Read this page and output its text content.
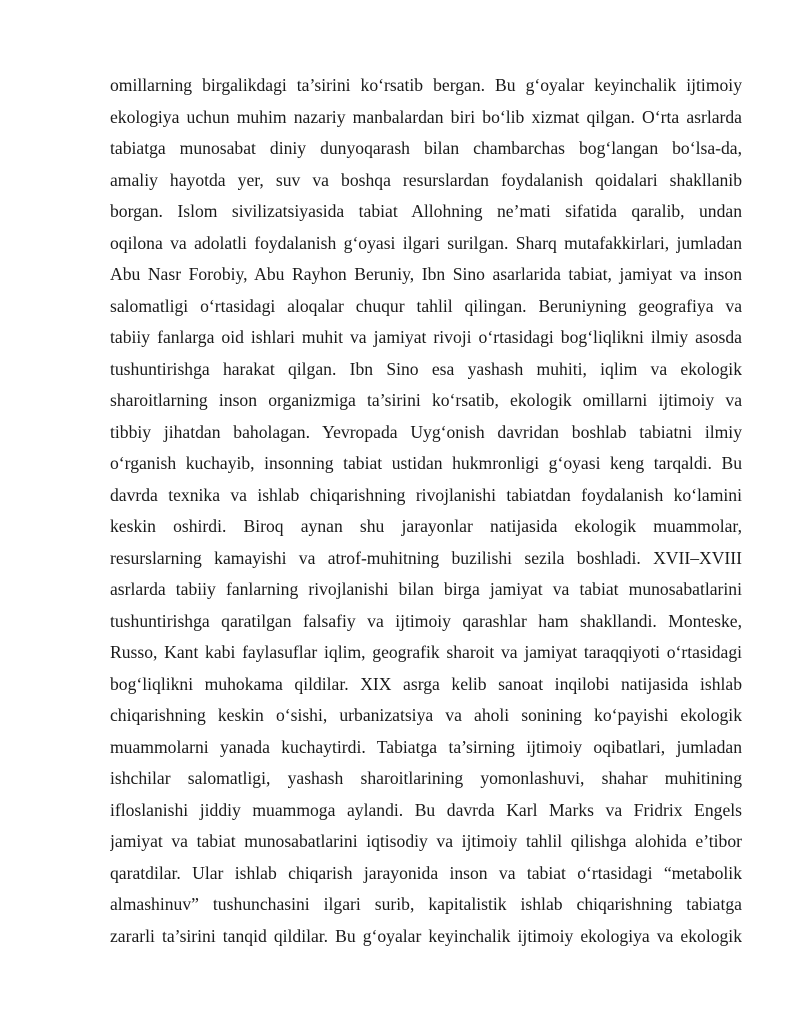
omillarning birgalikdagi ta’sirini ko‘rsatib bergan. Bu g‘oyalar keyinchalik ijtimoiy
ekologiya uchun muhim nazariy manbalardan biri bo‘lib xizmat qilgan. O‘rta asrlarda
tabiatga munosabat diniy dunyoqarash bilan chambarchas bog‘langan bo‘lsa-da,
amaliy hayotda yer, suv va boshqa resurslardan foydalanish qoidalari shakllanib
borgan. Islom sivilizatsiyasida tabiat Allohning ne’mati sifatida qaralib, undan
oqilona va adolatli foydalanish g‘oyasi ilgari surilgan. Sharq mutafakkirlari, jumladan
Abu Nasr Forobiy, Abu Rayhon Beruniy, Ibn Sino asarlarida tabiat, jamiyat va inson
salomatligi o‘rtasidagi aloqalar chuqur tahlil qilingan. Beruniyning geografiya va
tabiiy fanlarga oid ishlari muhit va jamiyat rivoji o‘rtasidagi bog‘liqlikni ilmiy asosda
tushuntirishga harakat qilgan. Ibn Sino esa yashash muhiti, iqlim va ekologik
sharoitlarning inson organizmiga ta’sirini ko‘rsatib, ekologik omillarni ijtimoiy va
tibbiy jihatdan baholagan. Yevropada Uyg‘onish davridan boshlab tabiatni ilmiy
o‘rganish kuchayib, insonning tabiat ustidan hukmronligi g‘oyasi keng tarqaldi. Bu
davrda texnika va ishlab chiqarishning rivojlanishi tabiatdan foydalanish ko‘lamini
keskin oshirdi. Biroq aynan shu jarayonlar natijasida ekologik muammolar,
resurslarning kamayishi va atrof-muhitning buzilishi sezila boshladi. XVII–XVIII
asrlarda tabiiy fanlarning rivojlanishi bilan birga jamiyat va tabiat munosabatlarini
tushuntirishga qaratilgan falsafiy va ijtimoiy qarashlar ham shakllandi. Monteske,
Russo, Kant kabi faylasuflar iqlim, geografik sharoit va jamiyat taraqqiyoti o‘rtasidagi
bog‘liqlikni muhokama qildilar. XIX asrga kelib sanoat inqilobi natijasida ishlab
chiqarishning keskin o‘sishi, urbanizatsiya va aholi sonining ko‘payishi ekologik
muammolarni yanada kuchaytirdi. Tabiatga ta’sirning ijtimoiy oqibatlari, jumladan
ishchilar salomatligi, yashash sharoitlarining yomonlashuvi, shahar muhitining
ifloslanishi jiddiy muammoga aylandi. Bu davrda Karl Marks va Fridrix Engels
jamiyat va tabiat munosabatlarini iqtisodiy va ijtimoiy tahlil qilishga alohida e’tibor
qaratdilar. Ular ishlab chiqarish jarayonida inson va tabiat o‘rtasidagi “metabolik
almashinuv” tushunchasini ilgari surib, kapitalistik ishlab chiqarishning tabiatga
zararli ta’sirini tanqid qildilar. Bu g‘oyalar keyinchalik ijtimoiy ekologiya va ekologik
